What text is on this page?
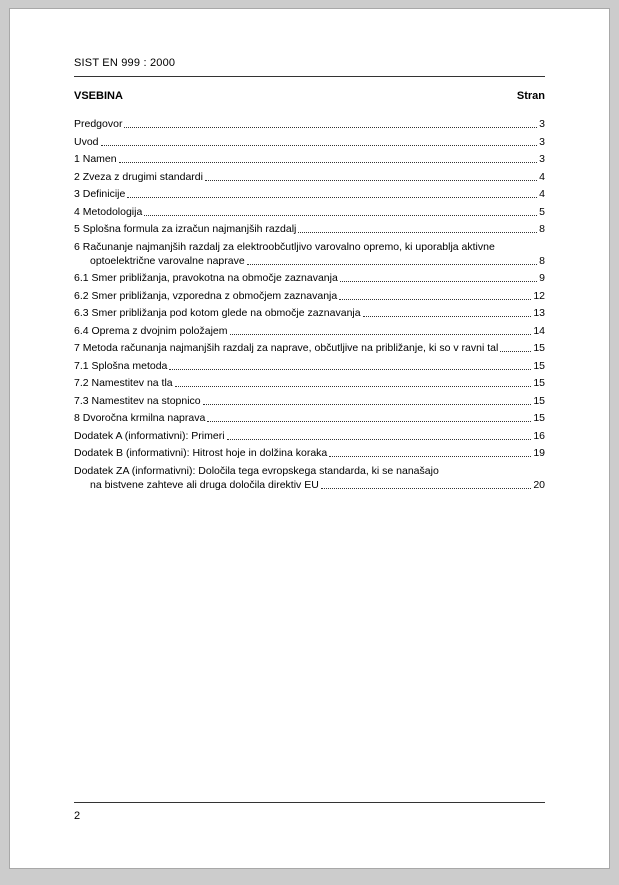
SIST EN 999 : 2000
VSEBINA	Stran
Predgovor	3
Uvod	3
1 Namen	3
2 Zveza z drugimi standardi	4
3 Definicije	4
4 Metodologija	5
5 Splošna formula za izračun najmanjših razdalj	8
6 Računanje najmanjših razdalj za elektroobčutljivo varovalno opremo, ki uporablja aktivne
optoelektrične varovalne naprave	8
6.1 Smer približanja, pravokotna na območje zaznavanja	9
6.2 Smer približanja, vzporedna z območjem zaznavanja	12
6.3 Smer približanja pod kotom glede na območje zaznavanja	13
6.4 Oprema z dvojnim položajem	14
7 Metoda računanja najmanjših razdalj za naprave, občutljive na približanje, ki so v ravni tal	15
7.1 Splošna metoda	15
7.2 Namestitev na tla	15
7.3 Namestitev na stopnico	15
8 Dvoročna krmilna naprava	15
Dodatek A (informativni): Primeri	16
Dodatek B (informativni): Hitrost hoje in dolžina koraka	19
Dodatek ZA (informativni): Določila tega evropskega standarda, ki se nanašajo
na bistvene zahteve ali druga določila direktiv EU	20
2
